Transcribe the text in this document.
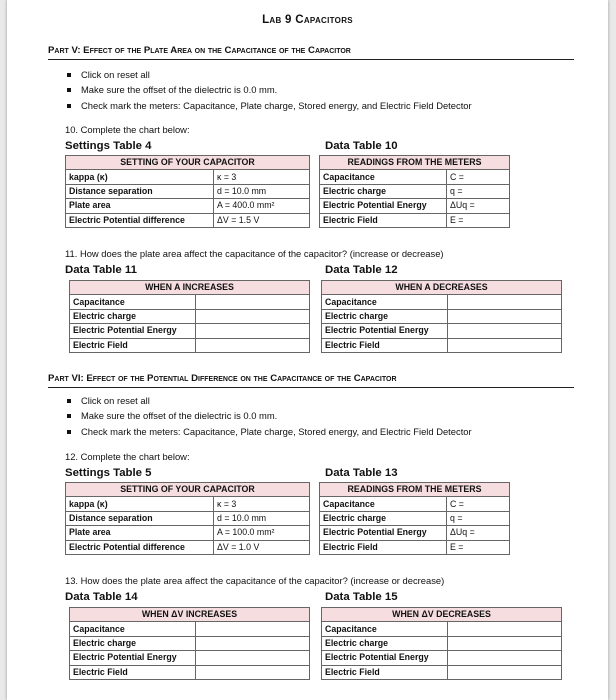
Lab 9 Capacitors
Part V: Effect of the Plate Area on the Capacitance of the Capacitor
Click on reset all
Make sure the offset of the dielectric is 0.0 mm.
Check mark the meters: Capacitance, Plate charge, Stored energy, and Electric Field Detector
10. Complete the chart below:
Settings Table 4	Data Table 10
SETTING OF YOUR CAPACITOR	
kappa (κ)	κ = 3
Distance separation	d = 10.0 mm
Plate area	A = 400.0 mm²
Electric Potential difference	ΔV = 1.5 V
READINGS FROM THE METERS	
Capacitance	C =
Electric charge	q =
Electric Potential Energy	ΔUq =
Electric Field	E =
11. How does the plate area affect the capacitance of the capacitor? (increase or decrease)
Data Table 11	Data Table 12
WHEN A INCREASES	
Capacitance	
Electric charge	
Electric Potential Energy	
Electric Field	
WHEN A DECREASES	
Capacitance	
Electric charge	
Electric Potential Energy	
Electric Field	
Part VI: Effect of the Potential Difference on the Capacitance of the Capacitor
Click on reset all
Make sure the offset of the dielectric is 0.0 mm.
Check mark the meters: Capacitance, Plate charge, Stored energy, and Electric Field Detector
12. Complete the chart below:
Settings Table 5	Data Table 13
SETTING OF YOUR CAPACITOR	
kappa (κ)	κ = 3
Distance separation	d = 10.0 mm
Plate area	A = 100.0 mm²
Electric Potential difference	ΔV = 1.0 V
READINGS FROM THE METERS	
Capacitance	C =
Electric charge	q =
Electric Potential Energy	ΔUq =
Electric Field	E =
13. How does the plate area affect the capacitance of the capacitor? (increase or decrease)
Data Table 14	Data Table 15
WHEN ΔV INCREASES	
Capacitance	
Electric charge	
Electric Potential Energy	
Electric Field	
WHEN ΔV DECREASES	
Capacitance	
Electric charge	
Electric Potential Energy	
Electric Field	
